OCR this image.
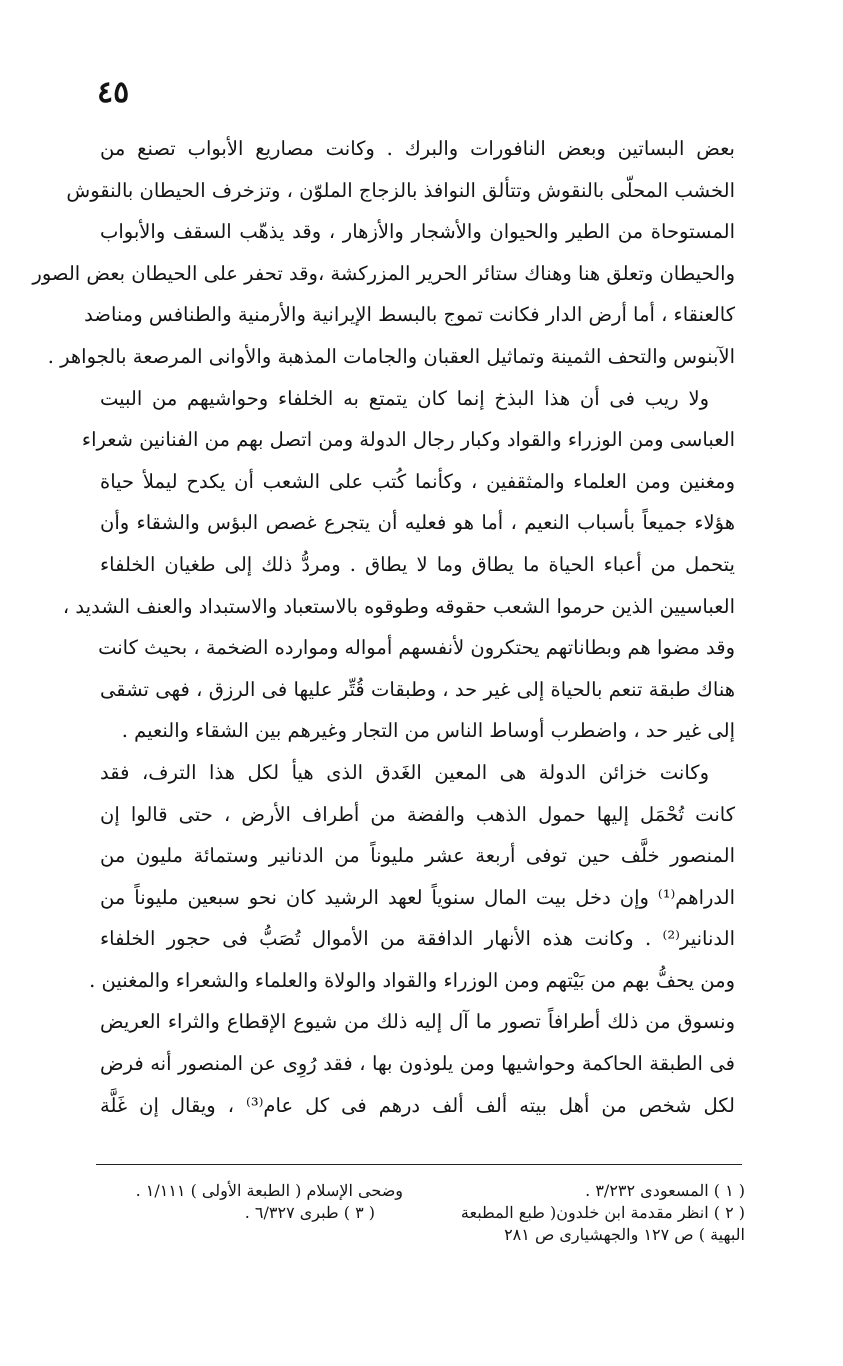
٤٥
بعض البساتين وبعض النافورات والبرك . وكانت مصاريع الأبواب تصنع من
الخشب المحلّى بالنقوش وتتألق النوافذ بالزجاج الملوّن ، وتزخرف الحيطان بالنقوش
المستوحاة من الطير والحيوان والأشجار والأزهار ، وقد يذهّب السقف والأبواب
والحيطان وتعلق هنا وهناك ستائر الحرير المزركشة ،وقد تحفر على الحيطان بعض الصور
كالعنقاء ، أما أرض الدار فكانت تموج بالبسط الإيرانية والأرمنية والطنافس ومناضد
الآبنوس والتحف الثمينة وتماثيل العقبان والجامات المذهبة والأوانى المرصعة بالجواهر .
ولا ريب فى أن هذا البذخ إنما كان يتمتع به الخلفاء وحواشيهم من البيت
العباسى ومن الوزراء والقواد وكبار رجال الدولة ومن اتصل بهم من الفنانين شعراء
ومغنين ومن العلماء والمثقفين ، وكأنما كُتب على الشعب أن يكدح ليملأ حياة
هؤلاء جميعاً بأسباب النعيم ، أما هو فعليه أن يتجرع غصص البؤس والشقاء وأن
يتحمل من أعباء الحياة ما يطاق وما لا يطاق . ومردُّ ذلك إلى طغيان الخلفاء
العباسيين الذين حرموا الشعب حقوقه وطوقوه بالاستعباد والاستبداد والعنف الشديد ،
وقد مضوا هم وبطاناتهم يحتكرون لأنفسهم أمواله وموارده الضخمة ، بحيث كانت
هناك طبقة تنعم بالحياة إلى غير حد ، وطبقات قُتِّر عليها فى الرزق ، فهى تشقى
إلى غير حد ، واضطرب أوساط الناس من التجار وغيرهم بين الشقاء والنعيم .
وكانت خزائن الدولة هى المعين الغَدق الذى هيأ لكل هذا الترف، فقد
كانت تُحْمَل إليها حمول الذهب والفضة من أطراف الأرض ، حتى قالوا إن
المنصور خلَّف حين توفى أربعة عشر مليوناً من الدنانير وستمائة مليون من
الدراهم⁽¹⁾ وإن دخل بيت المال سنوياً لعهد الرشيد كان نحو سبعين مليوناً من
الدنانير⁽²⁾ . وكانت هذه الأنهار الدافقة من الأموال تُصَبُّ فى حجور الخلفاء
ومن يحفُّ بهم من بَيْتهم ومن الوزراء والقواد والولاة والعلماء والشعراء والمغنين .
ونسوق من ذلك أطرافاً تصور ما آل إليه ذلك من شيوع الإقطاع والثراء العريض
فى الطبقة الحاكمة وحواشيها ومن يلوذون بها ، فقد رُوِى عن المنصور أنه فرض
لكل شخص من أهل بيته ألف ألف درهم فى كل عام⁽³⁾ ، ويقال إن غَلَّة
( ١ ) المسعودى ٣/٢٣٢ .
( ٢ ) انظر مقدمة ابن خلدون( طبع المطبعة
البهية ) ص ١٢٧ والجهشيارى ص ٢٨١
وضحى الإسلام ( الطبعة الأولى ) ١/١١١ .
( ٣ ) طبرى ٦/٣٢٧ .
